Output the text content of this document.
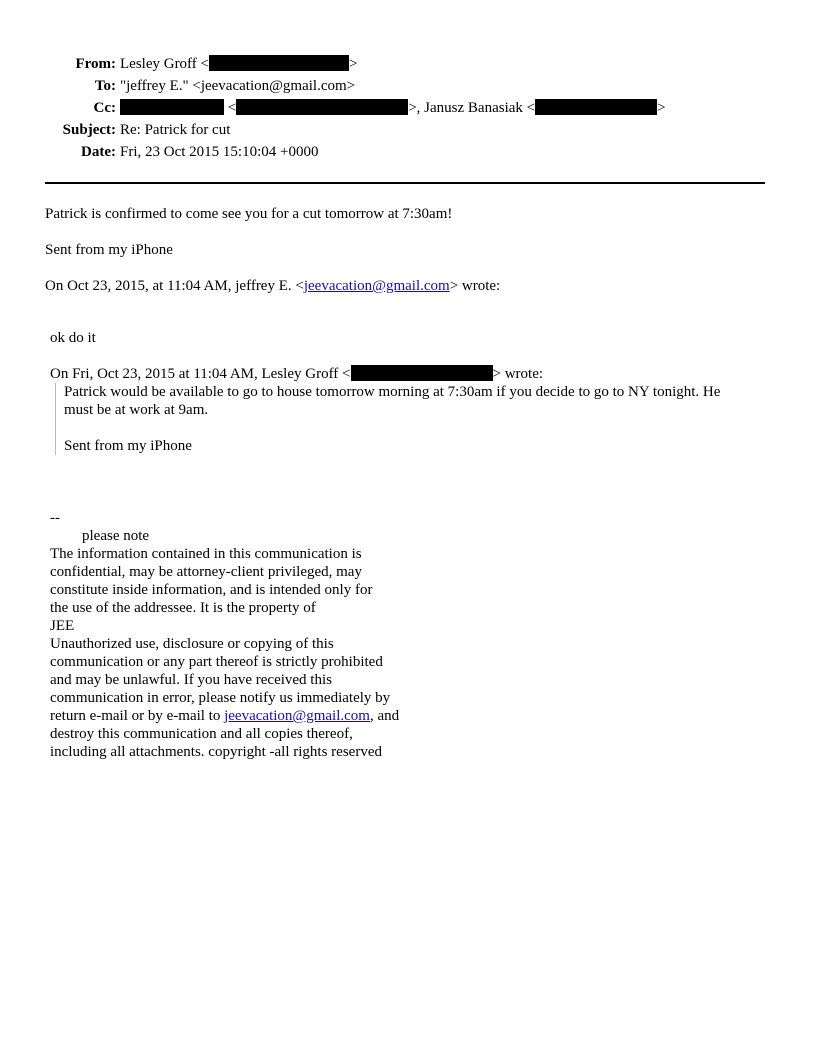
From:	Lesley Groff < >
To:	"jeffrey E." <jeevacation@gmail.com>
Cc:	< >, Janusz Banasiak < >
Subject:	Re: Patrick for cut
Date:	Fri, 23 Oct 2015 15:10:04 +0000
Patrick is confirmed to come see you for a cut tomorrow at 7:30am!
Sent from my iPhone
On Oct 23, 2015, at 11:04 AM, jeffrey E. <jeevacation@gmail.com> wrote:
ok do it
On Fri, Oct 23, 2015 at 11:04 AM, Lesley Groff <	> wrote:
Patrick would be available to go to house tomorrow morning at 7:30am if you decide to go to NY tonight. He
must be at work at 9am.
Sent from my iPhone
--
please note
The information contained in this communication is
confidential, may be attorney-client privileged, may
constitute inside information, and is intended only for
the use of the addressee. It is the property of
JEE
Unauthorized use, disclosure or copying of this
communication or any part thereof is strictly prohibited
and may be unlawful. If you have received this
communication in error, please notify us immediately by
return e-mail or by e-mail to jeevacation@gmail.com, and
destroy this communication and all copies thereof,
including all attachments. copyright -all rights reserved
